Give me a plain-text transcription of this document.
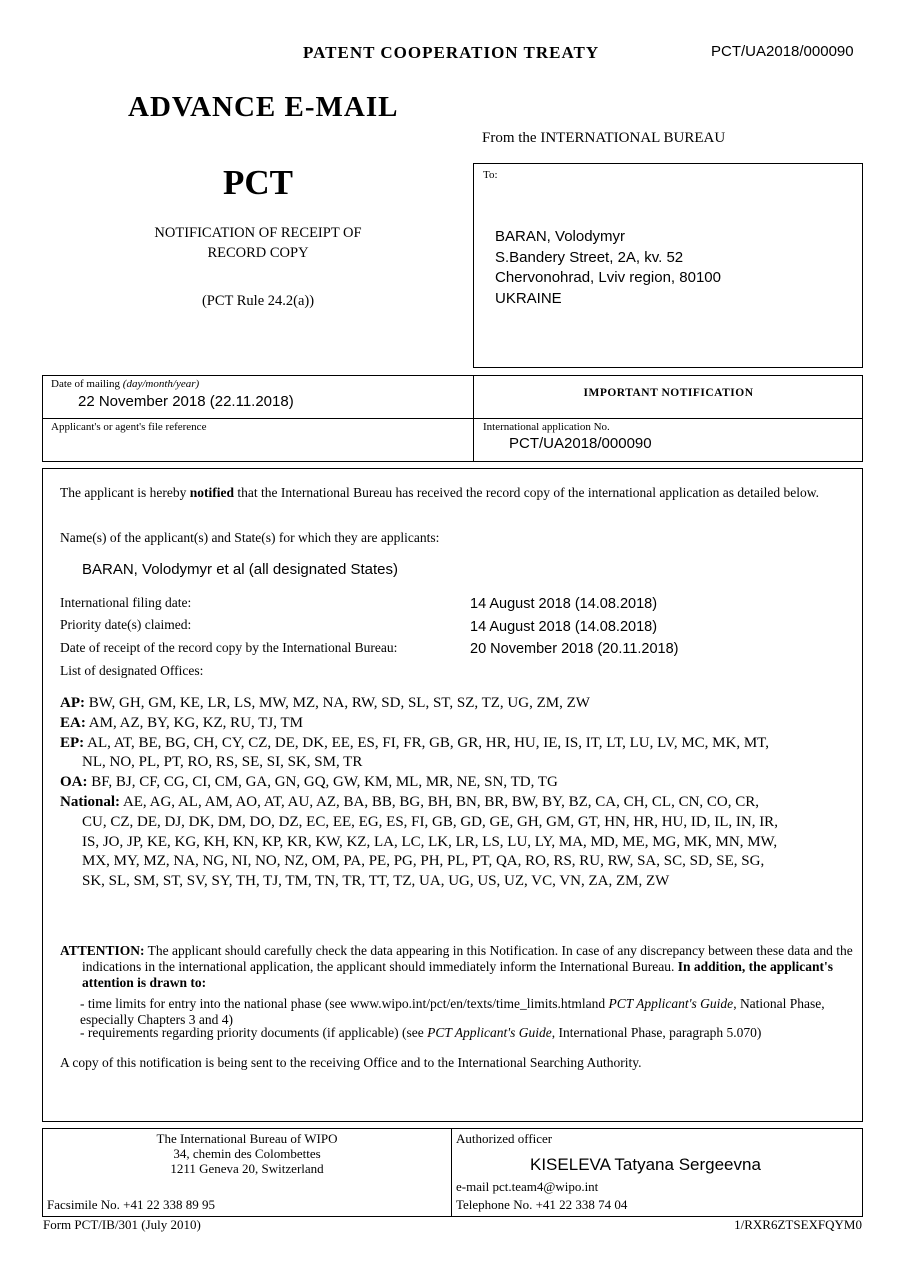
PATENT COOPERATION TREATY	PCT/UA2018/000090
ADVANCE E-MAIL
From the INTERNATIONAL BUREAU
PCT
NOTIFICATION OF RECEIPT OF
RECORD COPY
(PCT Rule 24.2(a))
To:
BARAN, Volodymyr
S.Bandery Street, 2A, kv. 52
Chervonohrad, Lviv region, 80100
UKRAINE
Date of mailing (day/month/year)
22 November 2018 (22.11.2018)	IMPORTANT NOTIFICATION
Applicant's or agent's file reference	International application No.
PCT/UA2018/000090
The applicant is hereby notified that the International Bureau has received the record copy of the international application as detailed below.
Name(s) of the applicant(s) and State(s) for which they are applicants:
BARAN, Volodymyr et al (all designated States)
International filing date:	14 August 2018 (14.08.2018)
Priority date(s) claimed:	14 August 2018 (14.08.2018)
Date of receipt of the record copy by the International Bureau:	20 November 2018 (20.11.2018)
List of designated Offices:
AP: BW, GH, GM, KE, LR, LS, MW, MZ, NA, RW, SD, SL, ST, SZ, TZ, UG, ZM, ZW
EA: AM, AZ, BY, KG, KZ, RU, TJ, TM
EP: AL, AT, BE, BG, CH, CY, CZ, DE, DK, EE, ES, FI, FR, GB, GR, HR, HU, IE, IS, IT, LT, LU, LV, MC, MK, MT,
NL, NO, PL, PT, RO, RS, SE, SI, SK, SM, TR
OA: BF, BJ, CF, CG, CI, CM, GA, GN, GQ, GW, KM, ML, MR, NE, SN, TD, TG
National: AE, AG, AL, AM, AO, AT, AU, AZ, BA, BB, BG, BH, BN, BR, BW, BY, BZ, CA, CH, CL, CN, CO, CR,
CU, CZ, DE, DJ, DK, DM, DO, DZ, EC, EE, EG, ES, FI, GB, GD, GE, GH, GM, GT, HN, HR, HU, ID, IL, IN, IR,
IS, JO, JP, KE, KG, KH, KN, KP, KR, KW, KZ, LA, LC, LK, LR, LS, LU, LY, MA, MD, ME, MG, MK, MN, MW,
MX, MY, MZ, NA, NG, NI, NO, NZ, OM, PA, PE, PG, PH, PL, PT, QA, RO, RS, RU, RW, SA, SC, SD, SE, SG,
SK, SL, SM, ST, SV, SY, TH, TJ, TM, TN, TR, TT, TZ, UA, UG, US, UZ, VC, VN, ZA, ZM, ZW
ATTENTION: The applicant should carefully check the data appearing in this Notification. In case of any discrepancy between these data and the indications in the international application, the applicant should immediately inform the International Bureau. In addition, the applicant's attention is drawn to:
- time limits for entry into the national phase (see www.wipo.int/pct/en/texts/time_limits.htmland PCT Applicant's Guide, National Phase, especially Chapters 3 and 4)
- requirements regarding priority documents (if applicable) (see PCT Applicant's Guide, International Phase, paragraph 5.070)
A copy of this notification is being sent to the receiving Office and to the International Searching Authority.
The International Bureau of WIPO
34, chemin des Colombettes
1211 Geneva 20, Switzerland
Facsimile No. +41 22 338 89 95
Authorized officer
KISELEVA Tatyana Sergeevna
e-mail pct.team4@wipo.int
Telephone No. +41 22 338 74 04
Form PCT/IB/301 (July 2010)	1/RXR6ZTSEXFQYM0
